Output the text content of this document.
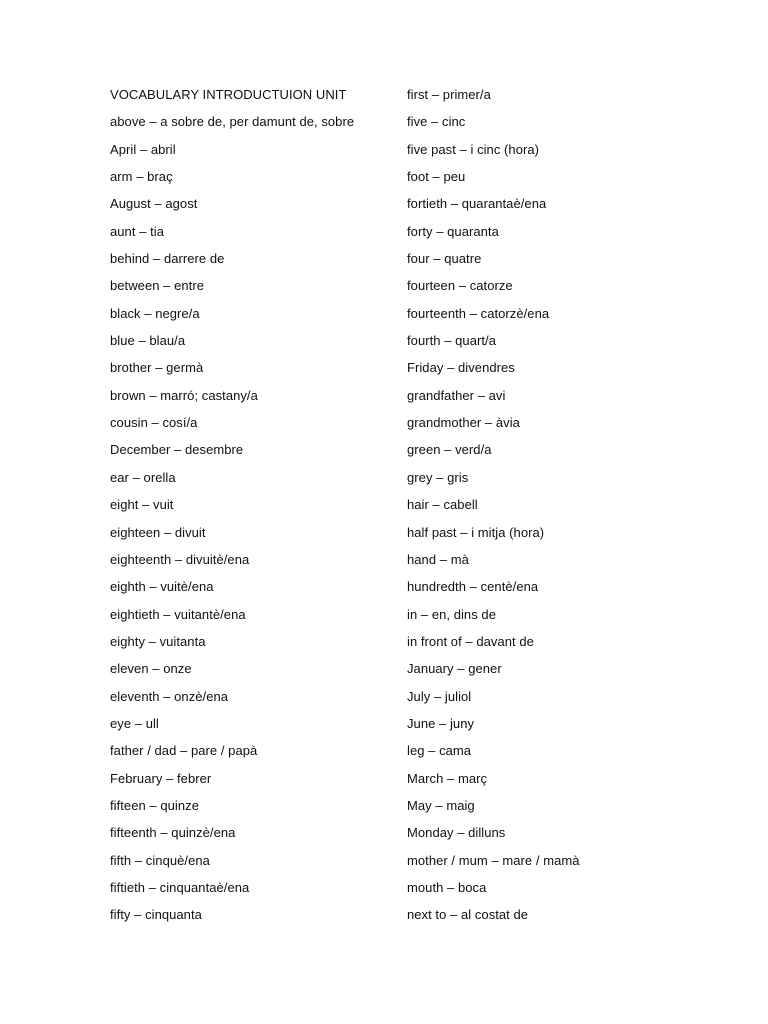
VOCABULARY INTRODUCTUION UNIT
above – a sobre de, per damunt de, sobre
April – abril
arm – braç
August – agost
aunt – tia
behind – darrere de
between – entre
black – negre/a
blue – blau/a
brother – germà
brown – marró; castany/a
cousin – cosí/a
December – desembre
ear – orella
eight – vuit
eighteen – divuit
eighteenth – divuitè/ena
eighth – vuitè/ena
eightieth – vuitantè/ena
eighty – vuitanta
eleven – onze
eleventh – onzè/ena
eye – ull
father / dad – pare / papà
February – febrer
fifteen – quinze
fifteenth – quinzè/ena
fifth – cinquè/ena
fiftieth – cinquantaè/ena
fifty – cinquanta
first – primer/a
five – cinc
five past – i cinc (hora)
foot – peu
fortieth – quarantaè/ena
forty – quaranta
four – quatre
fourteen – catorze
fourteenth – catorzè/ena
fourth – quart/a
Friday – divendres
grandfather – avi
grandmother – àvia
green – verd/a
grey – gris
hair – cabell
half past – i mitja (hora)
hand – mà
hundredth – centè/ena
in – en, dins de
in front of – davant de
January – gener
July – juliol
June – juny
leg – cama
March – març
May – maig
Monday – dilluns
mother / mum – mare / mamà
mouth – boca
next to – al costat de
